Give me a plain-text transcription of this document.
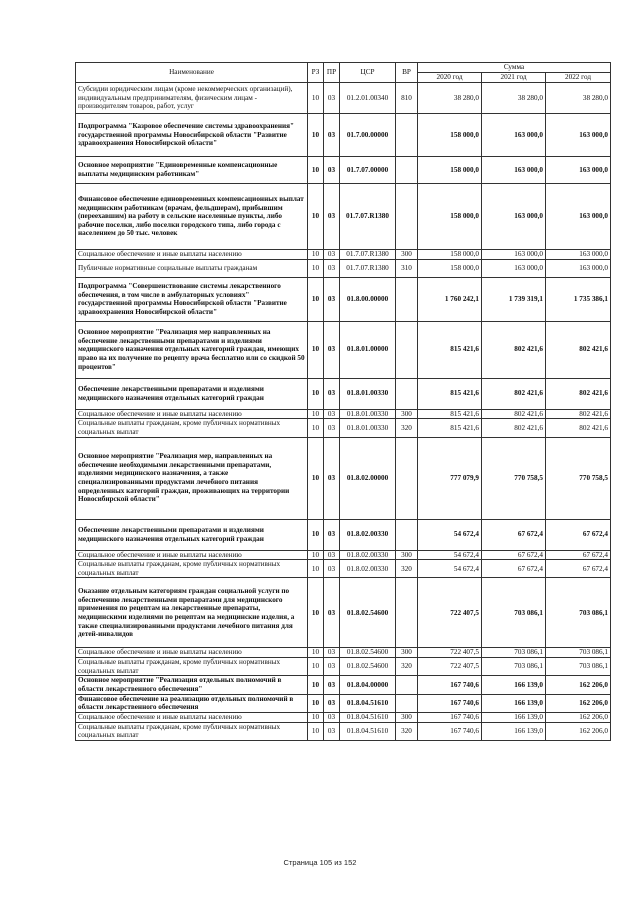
Наименование	РЗ	ПР	ЦСР	ВР	Сумма		
					2020 год	2021 год	2022 год
Субсидии юридическим лицам (кроме некоммерческих организаций), индивидуальным предпринимателям, физическим лицам - производителям товаров, работ, услуг	10	03	01.2.01.00340	810	38 280,0	38 280,0	38 280,0
Подпрограмма "Казровое обеспечение системы здравоохранения" государственной программы Новосибирской области "Развитие здравоохранения Новосибирской области"	10	03	01.7.00.00000		158 000,0	163 000,0	163 000,0
Основное мероприятие "Единовременные компенсационные выплаты медицинским работникам"	10	03	01.7.07.00000		158 000,0	163 000,0	163 000,0
Финансовое обеспечение единовременных компенсационных выплат медицинским работникам (врачам, фельдшерам), прибывшим (переехавшим) на работу в сельские населенные пункты, либо рабочие поселки, либо поселки городского типа, либо города с населением до 50 тыс. человек	10	03	01.7.07.R1380		158 000,0	163 000,0	163 000,0
Социальное обеспечение и иные выплаты населению	10	03	01.7.07.R1380	300	158 000,0	163 000,0	163 000,0
Публичные нормативные социальные выплаты гражданам	10	03	01.7.07.R1380	310	158 000,0	163 000,0	163 000,0
Подпрограмма "Совершенствование системы лекарственного обеспечения, в том числе в амбулаторных условиях" государственной программы Новосибирской области "Развитие здравоохранения Новосибирской области"	10	03	01.8.00.00000		1 760 242,1	1 739 319,1	1 735 386,1
Основное мероприятие "Реализация мер направленных на обеспечение лекарственными препаратами и изделиями медицинского назначения отдельных категорий граждан, имеющих право на их получение по рецепту врача бесплатно или со скидкой 50 процентов"	10	03	01.8.01.00000		815 421,6	802 421,6	802 421,6
Обеспечение лекарственными препаратами и изделиями медицинского назначения отдельных категорий граждан	10	03	01.8.01.00330		815 421,6	802 421,6	802 421,6
Социальное обеспечение и иные выплаты населению	10	03	01.8.01.00330	300	815 421,6	802 421,6	802 421,6
Социальные выплаты гражданам, кроме публичных нормативных социальных выплат	10	03	01.8.01.00330	320	815 421,6	802 421,6	802 421,6
Основное мероприятие "Реализация мер, направленных на обеспечение необходимыми лекарственными препаратами, изделиями медицинского назначения, а также специализированными продуктами лечебного питания определенных категорий граждан, проживающих на территории Новосибирской области"	10	03	01.8.02.00000		777 079,9	770 758,5	770 758,5
Обеспечение лекарственными препаратами и изделиями медицинского назначения отдельных категорий граждан	10	03	01.8.02.00330		54 672,4	67 672,4	67 672,4
Социальное обеспечение и иные выплаты населению	10	03	01.8.02.00330	300	54 672,4	67 672,4	67 672,4
Социальные выплаты гражданам, кроме публичных нормативных социальных выплат	10	03	01.8.02.00330	320	54 672,4	67 672,4	67 672,4
Оказание отдельным категориям граждан социальной услуги по обеспечению лекарственными препаратами для медицинского применения по рецептам на лекарственные препараты, медицинскими изделиями по рецептам на медицинские изделия, а также специализированными продуктами лечебного питания для детей-инвалидов	10	03	01.8.02.54600		722 407,5	703 086,1	703 086,1
Социальное обеспечение и иные выплаты населению	10	03	01.8.02.54600	300	722 407,5	703 086,1	703 086,1
Социальные выплаты гражданам, кроме публичных нормативных социальных выплат	10	03	01.8.02.54600	320	722 407,5	703 086,1	703 086,1
Основное мероприятие "Реализация отдельных полномочий в области лекарственного обеспечения"	10	03	01.8.04.00000		167 740,6	166 139,0	162 206,0
Финансовое обеспечение на реализацию отдельных полномочий в области лекарственного обеспечения	10	03	01.8.04.51610		167 740,6	166 139,0	162 206,0
Социальное обеспечение и иные выплаты населению	10	03	01.8.04.51610	300	167 740,6	166 139,0	162 206,0
Социальные выплаты гражданам, кроме публичных нормативных социальных выплат	10	03	01.8.04.51610	320	167 740,6	166 139,0	162 206,0
Страница 105 из 152
